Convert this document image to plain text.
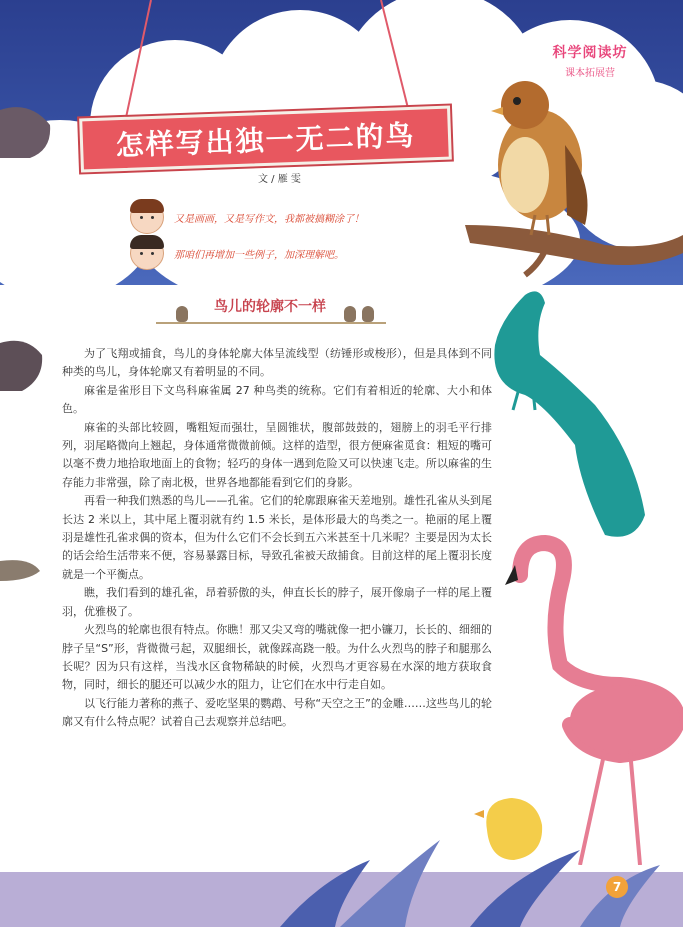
科学阅读坊
课本拓展营
怎样写出独一无二的鸟
文 / 雁 雯
又是画画，又是写作文，我都被搞糊涂了！
那咱们再增加一些例子，加深理解吧。
鸟儿的轮廓不一样

为了飞翔或捕食，鸟儿的身体轮廓大体呈流线型（纺锤形或梭形），但是具体到不同种类的鸟儿，身体轮廓又有着明显的不同。

麻雀是雀形目下文鸟科麻雀属 27 种鸟类的统称。它们有着相近的轮廓、大小和体色。

麻雀的头部比较圆，嘴粗短而强壮，呈圆锥状，腹部鼓鼓的，翅膀上的羽毛平行排列，羽尾略微向上翘起，身体通常微微前倾。这样的造型，很方便麻雀觅食：粗短的嘴可以毫不费力地拾取地面上的食物；轻巧的身体一遇到危险又可以快速飞走。所以麻雀的生存能力非常强，除了南北极，世界各地都能看到它们的身影。

再看一种我们熟悉的鸟儿——孔雀。它们的轮廓跟麻雀天差地别。雄性孔雀从头到尾长达 2 米以上，其中尾上覆羽就有约 1.5 米长，是体形最大的鸟类之一。艳丽的尾上覆羽是雄性孔雀求偶的资本，但为什么它们不会长到五六米甚至十几米呢？主要是因为太长的话会给生活带来不便，容易暴露目标，导致孔雀被天敌捕食。目前这样的尾上覆羽长度就是一个平衡点。

瞧，我们看到的雄孔雀，昂着骄傲的头，伸直长长的脖子，展开像扇子一样的尾上覆羽，优雅极了。

火烈鸟的轮廓也很有特点。你瞧！那又尖又弯的嘴就像一把小镰刀，长长的、细细的脖子呈“S”形，背微微弓起，双腿细长，就像踩高跷一般。为什么火烈鸟的脖子和腿那么长呢？因为只有这样，当浅水区食物稀缺的时候，火烈鸟才更容易在水深的地方获取食物，同时，细长的腿还可以减少水的阻力，让它们在水中行走自如。

以飞行能力著称的燕子、爱吃坚果的鹦鹉、号称“天空之王”的金雕……这些鸟儿的轮廓又有什么特点呢？试着自己去观察并总结吧。

7
